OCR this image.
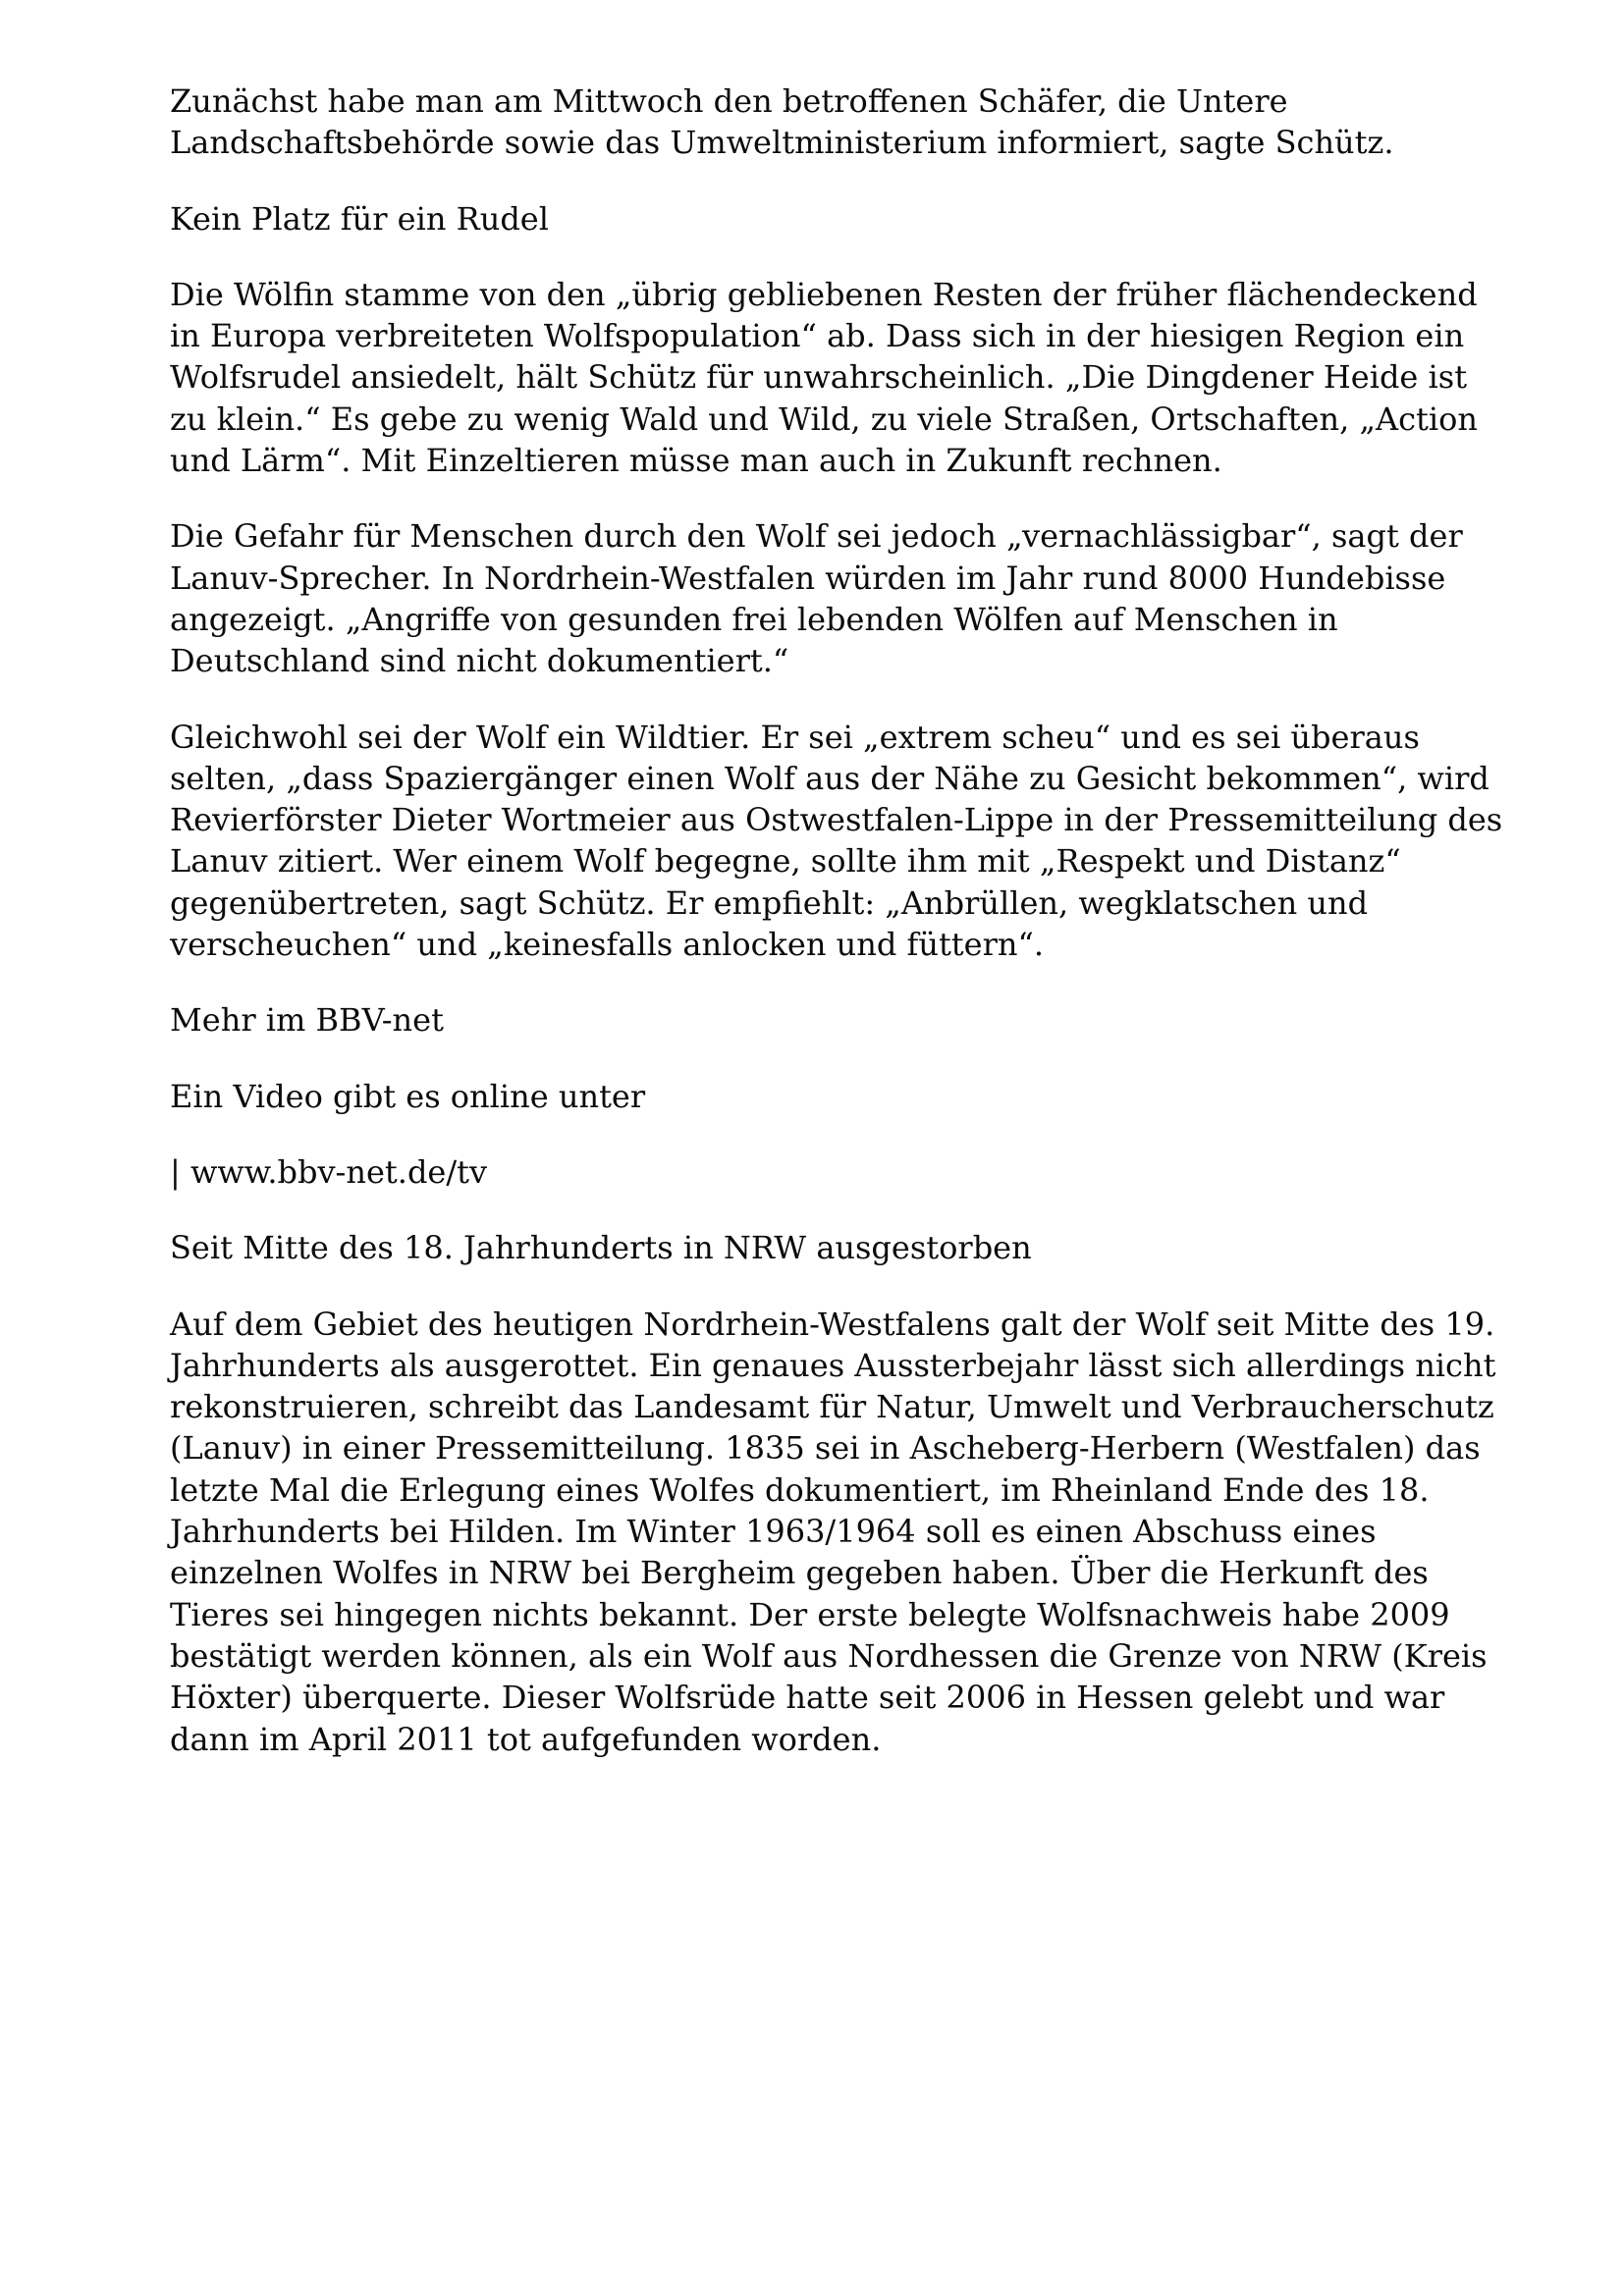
Zunächst habe man am Mittwoch den betroffenen Schäfer, die Untere
Landschaftsbehörde sowie das Umweltministerium informiert, sagte Schütz.

Kein Platz für ein Rudel

Die Wölfin stamme von den „übrig gebliebenen Resten der früher flächendeckend
in Europa verbreiteten Wolfspopulation“ ab. Dass sich in der hiesigen Region ein
Wolfsrudel ansiedelt, hält Schütz für unwahrscheinlich. „Die Dingdener Heide ist
zu klein.“ Es gebe zu wenig Wald und Wild, zu viele Straßen, Ortschaften, „Action
und Lärm“. Mit Einzeltieren müsse man auch in Zukunft rechnen.

Die Gefahr für Menschen durch den Wolf sei jedoch „vernachlässigbar“, sagt der
Lanuv-Sprecher. In Nordrhein-Westfalen würden im Jahr rund 8000 Hundebisse
angezeigt. „Angriffe von gesunden frei lebenden Wölfen auf Menschen in
Deutschland sind nicht dokumentiert.“

Gleichwohl sei der Wolf ein Wildtier. Er sei „extrem scheu“ und es sei überaus
selten, „dass Spaziergänger einen Wolf aus der Nähe zu Gesicht bekommen“, wird
Revierförster Dieter Wortmeier aus Ostwestfalen-Lippe in der Pressemitteilung des
Lanuv zitiert. Wer einem Wolf begegne, sollte ihm mit „Respekt und Distanz“
gegenübertreten, sagt Schütz. Er empfiehlt: „Anbrüllen, wegklatschen und
verscheuchen“ und „keinesfalls anlocken und füttern“.

Mehr im BBV-net

Ein Video gibt es online unter

| www.bbv-net.de/tv

Seit Mitte des 18. Jahrhunderts in NRW ausgestorben

Auf dem Gebiet des heutigen Nordrhein-Westfalens galt der Wolf seit Mitte des 19.
Jahrhunderts als ausgerottet. Ein genaues Aussterbejahr lässt sich allerdings nicht
rekonstruieren, schreibt das Landesamt für Natur, Umwelt und Verbraucherschutz
(Lanuv) in einer Pressemitteilung. 1835 sei in Ascheberg-Herbern (Westfalen) das
letzte Mal die Erlegung eines Wolfes dokumentiert, im Rheinland Ende des 18.
Jahrhunderts bei Hilden. Im Winter 1963/1964 soll es einen Abschuss eines
einzelnen Wolfes in NRW bei Bergheim gegeben haben. Über die Herkunft des
Tieres sei hingegen nichts bekannt. Der erste belegte Wolfsnachweis habe 2009
bestätigt werden können, als ein Wolf aus Nordhessen die Grenze von NRW (Kreis
Höxter) überquerte. Dieser Wolfsrüde hatte seit 2006 in Hessen gelebt und war
dann im April 2011 tot aufgefunden worden.
